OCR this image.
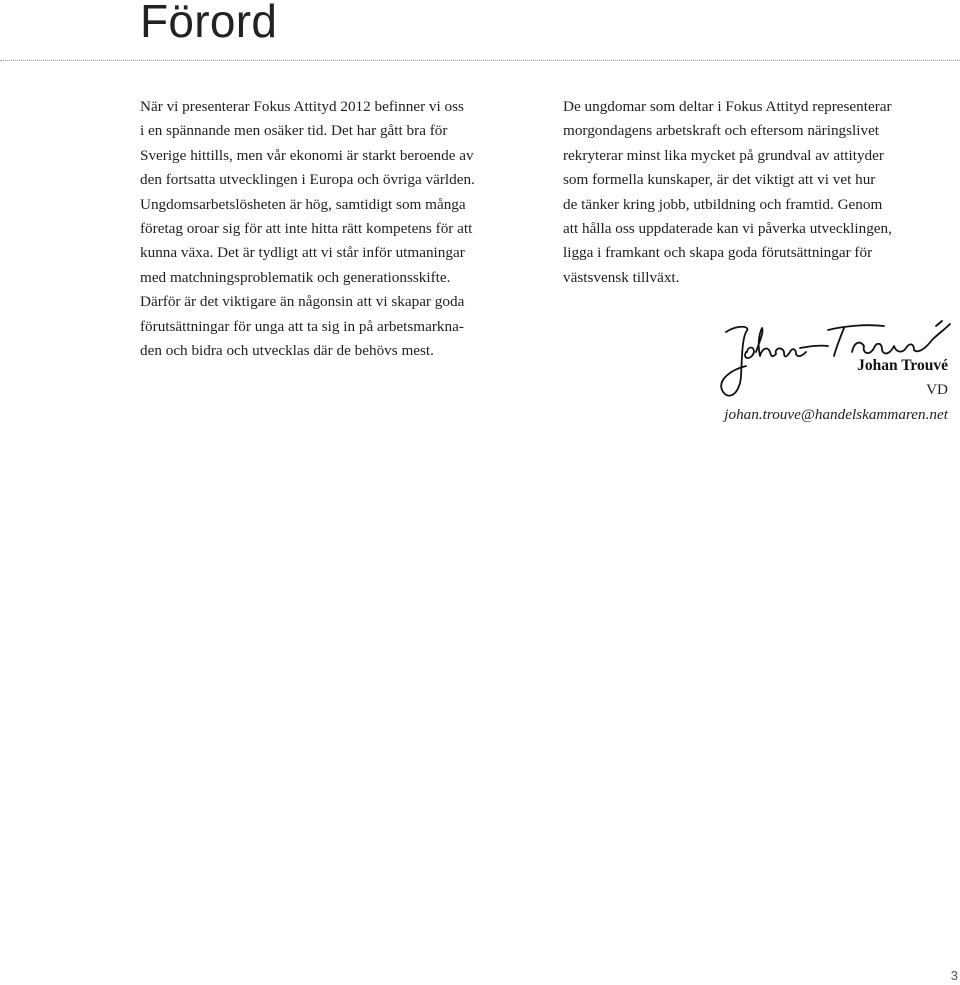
Förord
När vi presenterar Fokus Attityd 2012 befinner vi oss
i en spännande men osäker tid. Det har gått bra för
Sverige hittills, men vår ekonomi är starkt beroende av
den fortsatta utvecklingen i Europa och övriga världen.
Ungdomsarbetslösheten är hög, samtidigt som många
företag oroar sig för att inte hitta rätt kompetens för att
kunna växa. Det är tydligt att vi står inför utmaningar
med matchningsproblematik och generationsskifte.
Därför är det viktigare än någonsin att vi skapar goda
förutsättningar för unga att ta sig in på arbetsmarkna-
den och bidra och utvecklas där de behövs mest.
De ungdomar som deltar i Fokus Attityd representerar
morgondagens arbetskraft och eftersom näringslivet
rekryterar minst lika mycket på grundval av attityder
som formella kunskaper, är det viktigt att vi vet hur
de tänker kring jobb, utbildning och framtid. Genom
att hålla oss uppdaterade kan vi påverka utvecklingen,
ligga i framkant och skapa goda förutsättningar för
västsvensk tillväxt.
Johan Trouvé
VD
johan.trouve@handelskammaren.net
3
